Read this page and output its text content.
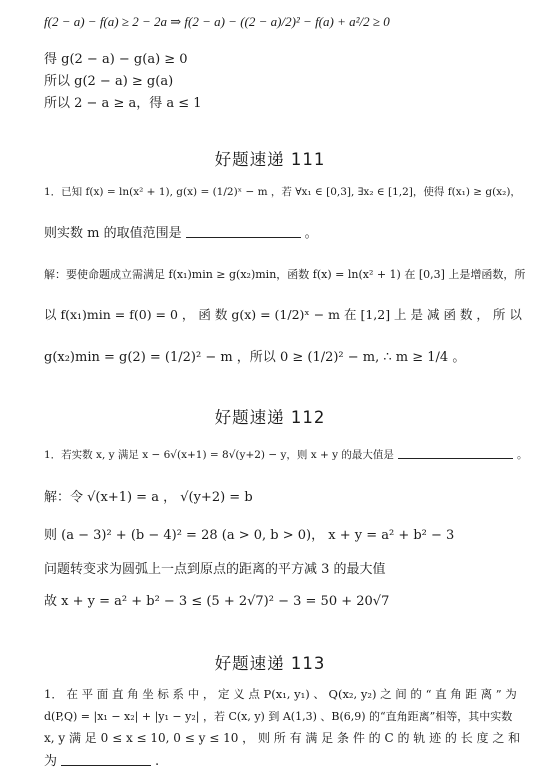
f(2 − a) − f(a) ≥ 2 − 2a ⇒ f(2 − a) − ((2 − a)/2)² − f(a) + a²/2 ≥ 0
得 g(2 − a) − g(a) ≥ 0
所以 g(2 − a) ≥ g(a)
所以 2 − a ≥ a，得 a ≤ 1
好题速递 111
1．已知 f(x) = ln(x² + 1), g(x) = (1/2)ˣ − m ，若 ∀x₁ ∈ [0,3], ∃x₂ ∈ [1,2]，使得 f(x₁) ≥ g(x₂)，
则实数 m 的取值范围是	。
解：要使命题成立需满足 f(x₁)min ≥ g(x₂)min，函数 f(x) = ln(x² + 1) 在 [0,3] 上是增函数，所
以 f(x₁)min = f(0) = 0 ， 函 数 g(x) = (1/2)ˣ − m 在 [1,2] 上 是 减 函 数 ， 所 以
g(x₂)min = g(2) = (1/2)² − m ，所以 0 ≥ (1/2)² − m, ∴ m ≥ 1/4 。
好题速递 112
1．若实数 x, y 满足 x − 6√(x+1) = 8√(y+2) − y，则 x + y 的最大值是	。
解：令 √(x+1) = a ， √(y+2) = b
则 (a − 3)² + (b − 4)² = 28 (a > 0, b > 0)， x + y = a² + b² − 3
问题转变求为圆弧上一点到原点的距离的平方减 3 的最大值
故 x + y = a² + b² − 3 ≤ (5 + 2√7)² − 3 = 50 + 20√7
好题速递 113
1． 在 平 面 直 角 坐 标 系 中 ， 定 义 点 P(x₁, y₁) 、 Q(x₂, y₂) 之 间 的 “ 直 角 距 离 ” 为
d(P,Q) = |x₁ − x₂| + |y₁ − y₂| ，若 C(x, y) 到 A(1,3) 、B(6,9) 的“直角距离”相等，其中实数
x, y 满 足 0 ≤ x ≤ 10, 0 ≤ y ≤ 10 ， 则 所 有 满 足 条 件 的 C 的 轨 迹 的 长 度 之 和
为	.
